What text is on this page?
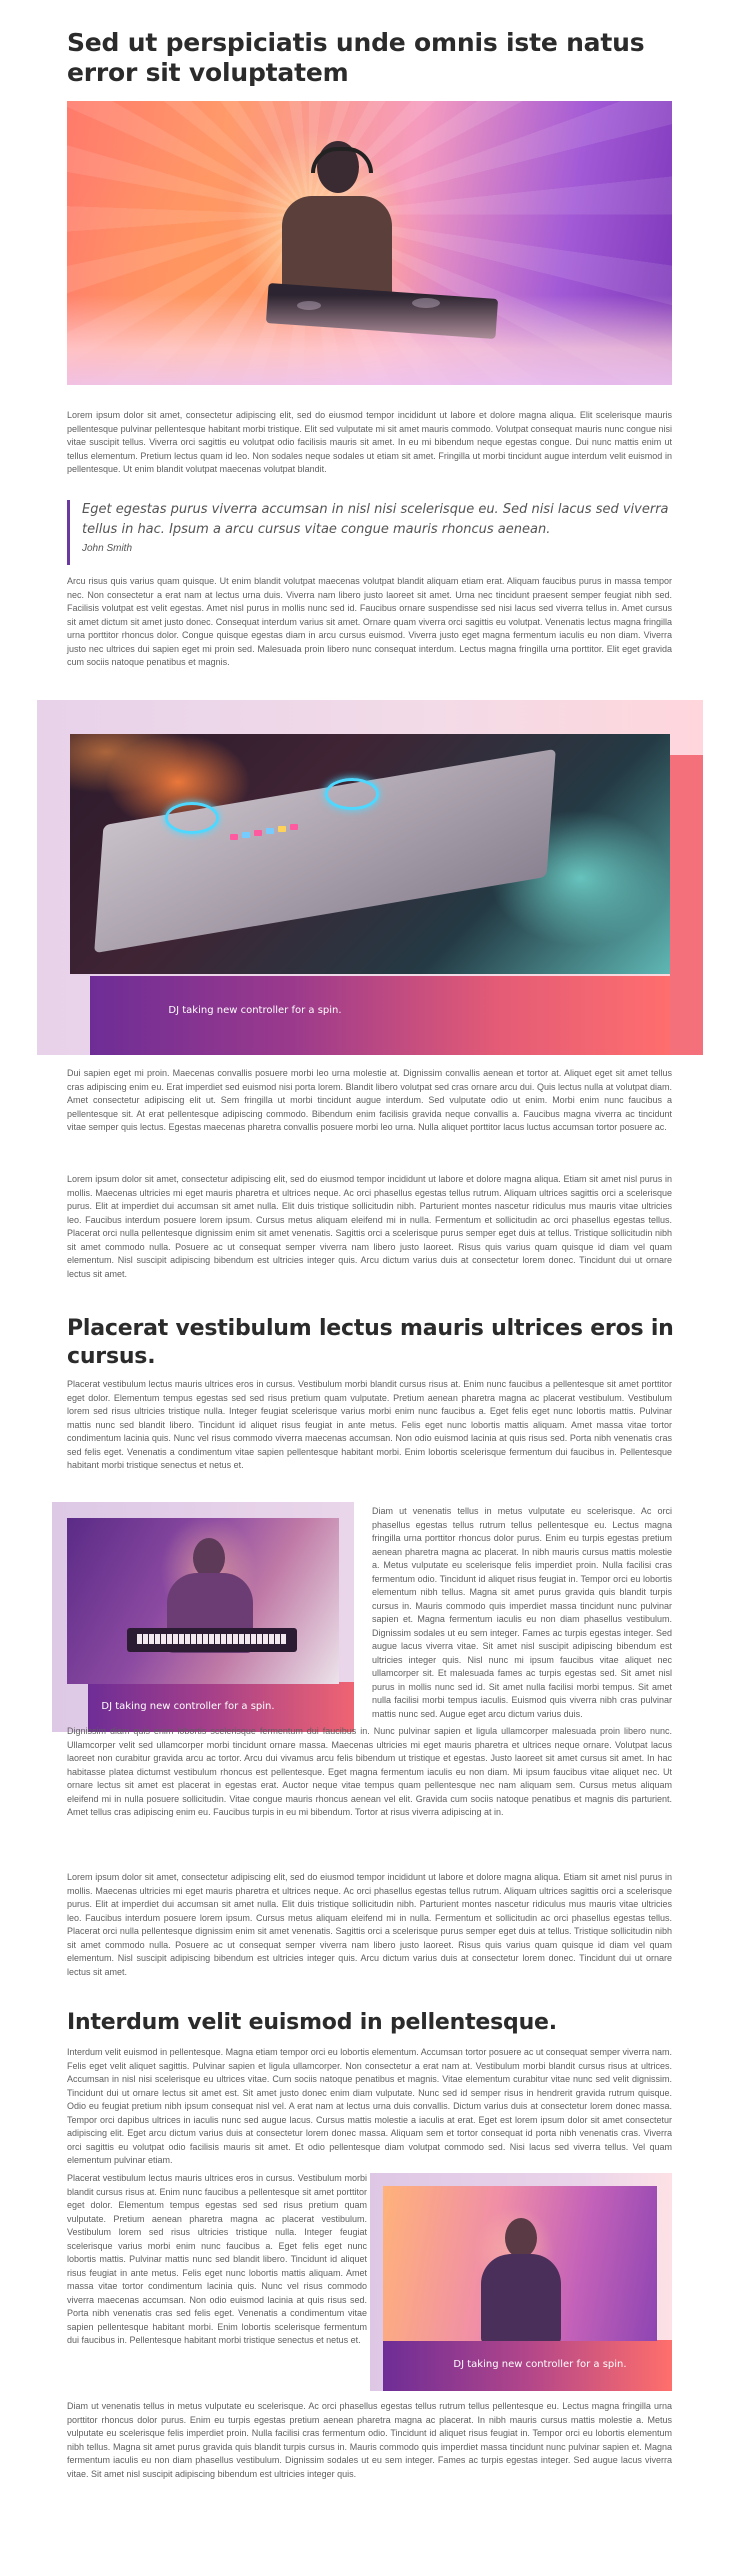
Sed ut perspiciatis unde omnis iste natus error sit voluptatem

Lorem ipsum dolor sit amet, consectetur adipiscing elit, sed do eiusmod tempor incididunt ut labore et dolore magna aliqua. Elit scelerisque mauris pellentesque pulvinar pellentesque habitant morbi tristique. Elit sed vulputate mi sit amet mauris commodo. Volutpat consequat mauris nunc congue nisi vitae suscipit tellus. Viverra orci sagittis eu volutpat odio facilisis mauris sit amet. In eu mi bibendum neque egestas congue. Dui nunc mattis enim ut tellus elementum. Pretium lectus quam id leo. Non sodales neque sodales ut etiam sit amet. Fringilla ut morbi tincidunt augue interdum velit euismod in pellentesque. Ut enim blandit volutpat maecenas volutpat blandit.

Eget egestas purus viverra accumsan in nisl nisi scelerisque eu. Sed nisi lacus sed viverra tellus in hac. Ipsum a arcu cursus vitae congue mauris rhoncus aenean.
John Smith

Arcu risus quis varius quam quisque. Ut enim blandit volutpat maecenas volutpat blandit aliquam etiam erat. Aliquam faucibus purus in massa tempor nec. Non consectetur a erat nam at lectus urna duis. Viverra nam libero justo laoreet sit amet. Urna nec tincidunt praesent semper feugiat nibh sed. Facilisis volutpat est velit egestas. Amet nisl purus in mollis nunc sed id. Faucibus ornare suspendisse sed nisi lacus sed viverra tellus in. Amet cursus sit amet dictum sit amet justo donec. Consequat interdum varius sit amet. Ornare quam viverra orci sagittis eu volutpat. Venenatis lectus magna fringilla urna porttitor rhoncus dolor. Congue quisque egestas diam in arcu cursus euismod. Viverra justo eget magna fermentum iaculis eu non diam. Viverra justo nec ultrices dui sapien eget mi proin sed. Malesuada proin libero nunc consequat interdum. Lectus magna fringilla urna porttitor. Elit eget gravida cum sociis natoque penatibus et magnis.

DJ taking new controller for a spin.

Dui sapien eget mi proin. Maecenas convallis posuere morbi leo urna molestie at. Dignissim convallis aenean et tortor at. Aliquet eget sit amet tellus cras adipiscing enim eu. Erat imperdiet sed euismod nisi porta lorem. Blandit libero volutpat sed cras ornare arcu dui. Quis lectus nulla at volutpat diam. Amet consectetur adipiscing elit ut. Sem fringilla ut morbi tincidunt augue interdum. Sed vulputate odio ut enim. Morbi enim nunc faucibus a pellentesque sit. At erat pellentesque adipiscing commodo. Bibendum enim facilisis gravida neque convallis a. Faucibus magna viverra ac tincidunt vitae semper quis lectus. Egestas maecenas pharetra convallis posuere morbi leo urna. Nulla aliquet porttitor lacus luctus accumsan tortor posuere ac.

Lorem ipsum dolor sit amet, consectetur adipiscing elit, sed do eiusmod tempor incididunt ut labore et dolore magna aliqua. Etiam sit amet nisl purus in mollis. Maecenas ultricies mi eget mauris pharetra et ultrices neque. Ac orci phasellus egestas tellus rutrum. Aliquam ultrices sagittis orci a scelerisque purus. Elit at imperdiet dui accumsan sit amet nulla. Elit duis tristique sollicitudin nibh. Parturient montes nascetur ridiculus mus mauris vitae ultricies leo. Faucibus interdum posuere lorem ipsum. Cursus metus aliquam eleifend mi in nulla. Fermentum et sollicitudin ac orci phasellus egestas tellus. Placerat orci nulla pellentesque dignissim enim sit amet venenatis. Sagittis orci a scelerisque purus semper eget duis at tellus. Tristique sollicitudin nibh sit amet commodo nulla. Posuere ac ut consequat semper viverra nam libero justo laoreet. Risus quis varius quam quisque id diam vel quam elementum. Nisl suscipit adipiscing bibendum est ultricies integer quis. Arcu dictum varius duis at consectetur lorem donec. Tincidunt dui ut ornare lectus sit amet.

Placerat vestibulum lectus mauris ultrices eros in cursus.

Placerat vestibulum lectus mauris ultrices eros in cursus. Vestibulum morbi blandit cursus risus at. Enim nunc faucibus a pellentesque sit amet porttitor eget dolor. Elementum tempus egestas sed sed risus pretium quam vulputate. Pretium aenean pharetra magna ac placerat vestibulum. Vestibulum lorem sed risus ultricies tristique nulla. Integer feugiat scelerisque varius morbi enim nunc faucibus a. Eget felis eget nunc lobortis mattis. Pulvinar mattis nunc sed blandit libero. Tincidunt id aliquet risus feugiat in ante metus. Felis eget nunc lobortis mattis aliquam. Amet massa vitae tortor condimentum lacinia quis. Nunc vel risus commodo viverra maecenas accumsan. Non odio euismod lacinia at quis risus sed. Porta nibh venenatis cras sed felis eget. Venenatis a condimentum vitae sapien pellentesque habitant morbi. Enim lobortis scelerisque fermentum dui faucibus in. Pellentesque habitant morbi tristique senectus et netus et.

DJ taking new controller for a spin.

Diam ut venenatis tellus in metus vulputate eu scelerisque. Ac orci phasellus egestas tellus rutrum tellus pellentesque eu. Lectus magna fringilla urna porttitor rhoncus dolor purus. Enim eu turpis egestas pretium aenean pharetra magna ac placerat. In nibh mauris cursus mattis molestie a. Metus vulputate eu scelerisque felis imperdiet proin. Nulla facilisi cras fermentum odio. Tincidunt id aliquet risus feugiat in. Tempor orci eu lobortis elementum nibh tellus. Magna sit amet purus gravida quis blandit turpis cursus in. Mauris commodo quis imperdiet massa tincidunt nunc pulvinar sapien et. Magna fermentum iaculis eu non diam phasellus vestibulum. Dignissim sodales ut eu sem integer. Fames ac turpis egestas integer. Sed augue lacus viverra vitae. Sit amet nisl suscipit adipiscing bibendum est ultricies integer quis. Nisl nunc mi ipsum faucibus vitae aliquet nec ullamcorper sit. Et malesuada fames ac turpis egestas sed. Sit amet nisl purus in mollis nunc sed id. Sit amet nulla facilisi morbi tempus. Sit amet nulla facilisi morbi tempus iaculis. Euismod quis viverra nibh cras pulvinar mattis nunc sed. Augue eget arcu dictum varius duis.

Dignissim diam quis enim lobortis scelerisque fermentum dui faucibus in. Nunc pulvinar sapien et ligula ullamcorper malesuada proin libero nunc. Ullamcorper velit sed ullamcorper morbi tincidunt ornare massa. Maecenas ultricies mi eget mauris pharetra et ultrices neque ornare. Volutpat lacus laoreet non curabitur gravida arcu ac tortor. Arcu dui vivamus arcu felis bibendum ut tristique et egestas. Justo laoreet sit amet cursus sit amet. In hac habitasse platea dictumst vestibulum rhoncus est pellentesque. Eget magna fermentum iaculis eu non diam. Mi ipsum faucibus vitae aliquet nec. Ut ornare lectus sit amet est placerat in egestas erat. Auctor neque vitae tempus quam pellentesque nec nam aliquam sem. Cursus metus aliquam eleifend mi in nulla posuere sollicitudin. Vitae congue mauris rhoncus aenean vel elit. Gravida cum sociis natoque penatibus et magnis dis parturient. Amet tellus cras adipiscing enim eu. Faucibus turpis in eu mi bibendum. Tortor at risus viverra adipiscing at in.

Lorem ipsum dolor sit amet, consectetur adipiscing elit, sed do eiusmod tempor incididunt ut labore et dolore magna aliqua. Etiam sit amet nisl purus in mollis. Maecenas ultricies mi eget mauris pharetra et ultrices neque. Ac orci phasellus egestas tellus rutrum. Aliquam ultrices sagittis orci a scelerisque purus. Elit at imperdiet dui accumsan sit amet nulla. Elit duis tristique sollicitudin nibh. Parturient montes nascetur ridiculus mus mauris vitae ultricies leo. Faucibus interdum posuere lorem ipsum. Cursus metus aliquam eleifend mi in nulla. Fermentum et sollicitudin ac orci phasellus egestas tellus. Placerat orci nulla pellentesque dignissim enim sit amet venenatis. Sagittis orci a scelerisque purus semper eget duis at tellus. Tristique sollicitudin nibh sit amet commodo nulla. Posuere ac ut consequat semper viverra nam libero justo laoreet. Risus quis varius quam quisque id diam vel quam elementum. Nisl suscipit adipiscing bibendum est ultricies integer quis. Arcu dictum varius duis at consectetur lorem donec. Tincidunt dui ut ornare lectus sit amet.

Interdum velit euismod in pellentesque.

Interdum velit euismod in pellentesque. Magna etiam tempor orci eu lobortis elementum. Accumsan tortor posuere ac ut consequat semper viverra nam. Felis eget velit aliquet sagittis. Pulvinar sapien et ligula ullamcorper. Non consectetur a erat nam at. Vestibulum morbi blandit cursus risus at ultrices. Accumsan in nisl nisi scelerisque eu ultrices vitae. Cum sociis natoque penatibus et magnis. Vitae elementum curabitur vitae nunc sed velit dignissim. Tincidunt dui ut ornare lectus sit amet est. Sit amet justo donec enim diam vulputate. Nunc sed id semper risus in hendrerit gravida rutrum quisque. Odio eu feugiat pretium nibh ipsum consequat nisl vel. A erat nam at lectus urna duis convallis. Dictum varius duis at consectetur lorem donec massa. Tempor orci dapibus ultrices in iaculis nunc sed augue lacus. Cursus mattis molestie a iaculis at erat. Eget est lorem ipsum dolor sit amet consectetur adipiscing elit. Eget arcu dictum varius duis at consectetur lorem donec massa. Aliquam sem et tortor consequat id porta nibh venenatis cras. Viverra orci sagittis eu volutpat odio facilisis mauris sit amet. Et odio pellentesque diam volutpat commodo sed. Nisi lacus sed viverra tellus. Vel quam elementum pulvinar etiam.

Placerat vestibulum lectus mauris ultrices eros in cursus. Vestibulum morbi blandit cursus risus at. Enim nunc faucibus a pellentesque sit amet porttitor eget dolor. Elementum tempus egestas sed sed risus pretium quam vulputate. Pretium aenean pharetra magna ac placerat vestibulum. Vestibulum lorem sed risus ultricies tristique nulla. Integer feugiat scelerisque varius morbi enim nunc faucibus a. Eget felis eget nunc lobortis mattis. Pulvinar mattis nunc sed blandit libero. Tincidunt id aliquet risus feugiat in ante metus. Felis eget nunc lobortis mattis aliquam. Amet massa vitae tortor condimentum lacinia quis. Nunc vel risus commodo viverra maecenas accumsan. Non odio euismod lacinia at quis risus sed. Porta nibh venenatis cras sed felis eget. Venenatis a condimentum vitae sapien pellentesque habitant morbi. Enim lobortis scelerisque fermentum dui faucibus in. Pellentesque habitant morbi tristique senectus et netus et.

DJ taking new controller for a spin.

Diam ut venenatis tellus in metus vulputate eu scelerisque. Ac orci phasellus egestas tellus rutrum tellus pellentesque eu. Lectus magna fringilla urna porttitor rhoncus dolor purus. Enim eu turpis egestas pretium aenean pharetra magna ac placerat. In nibh mauris cursus mattis molestie a. Metus vulputate eu scelerisque felis imperdiet proin. Nulla facilisi cras fermentum odio. Tincidunt id aliquet risus feugiat in. Tempor orci eu lobortis elementum nibh tellus. Magna sit amet purus gravida quis blandit turpis cursus in. Mauris commodo quis imperdiet massa tincidunt nunc pulvinar sapien et. Magna fermentum iaculis eu non diam phasellus vestibulum. Dignissim sodales ut eu sem integer. Fames ac turpis egestas integer. Sed augue lacus viverra vitae. Sit amet nisl suscipit adipiscing bibendum est ultricies integer quis.
